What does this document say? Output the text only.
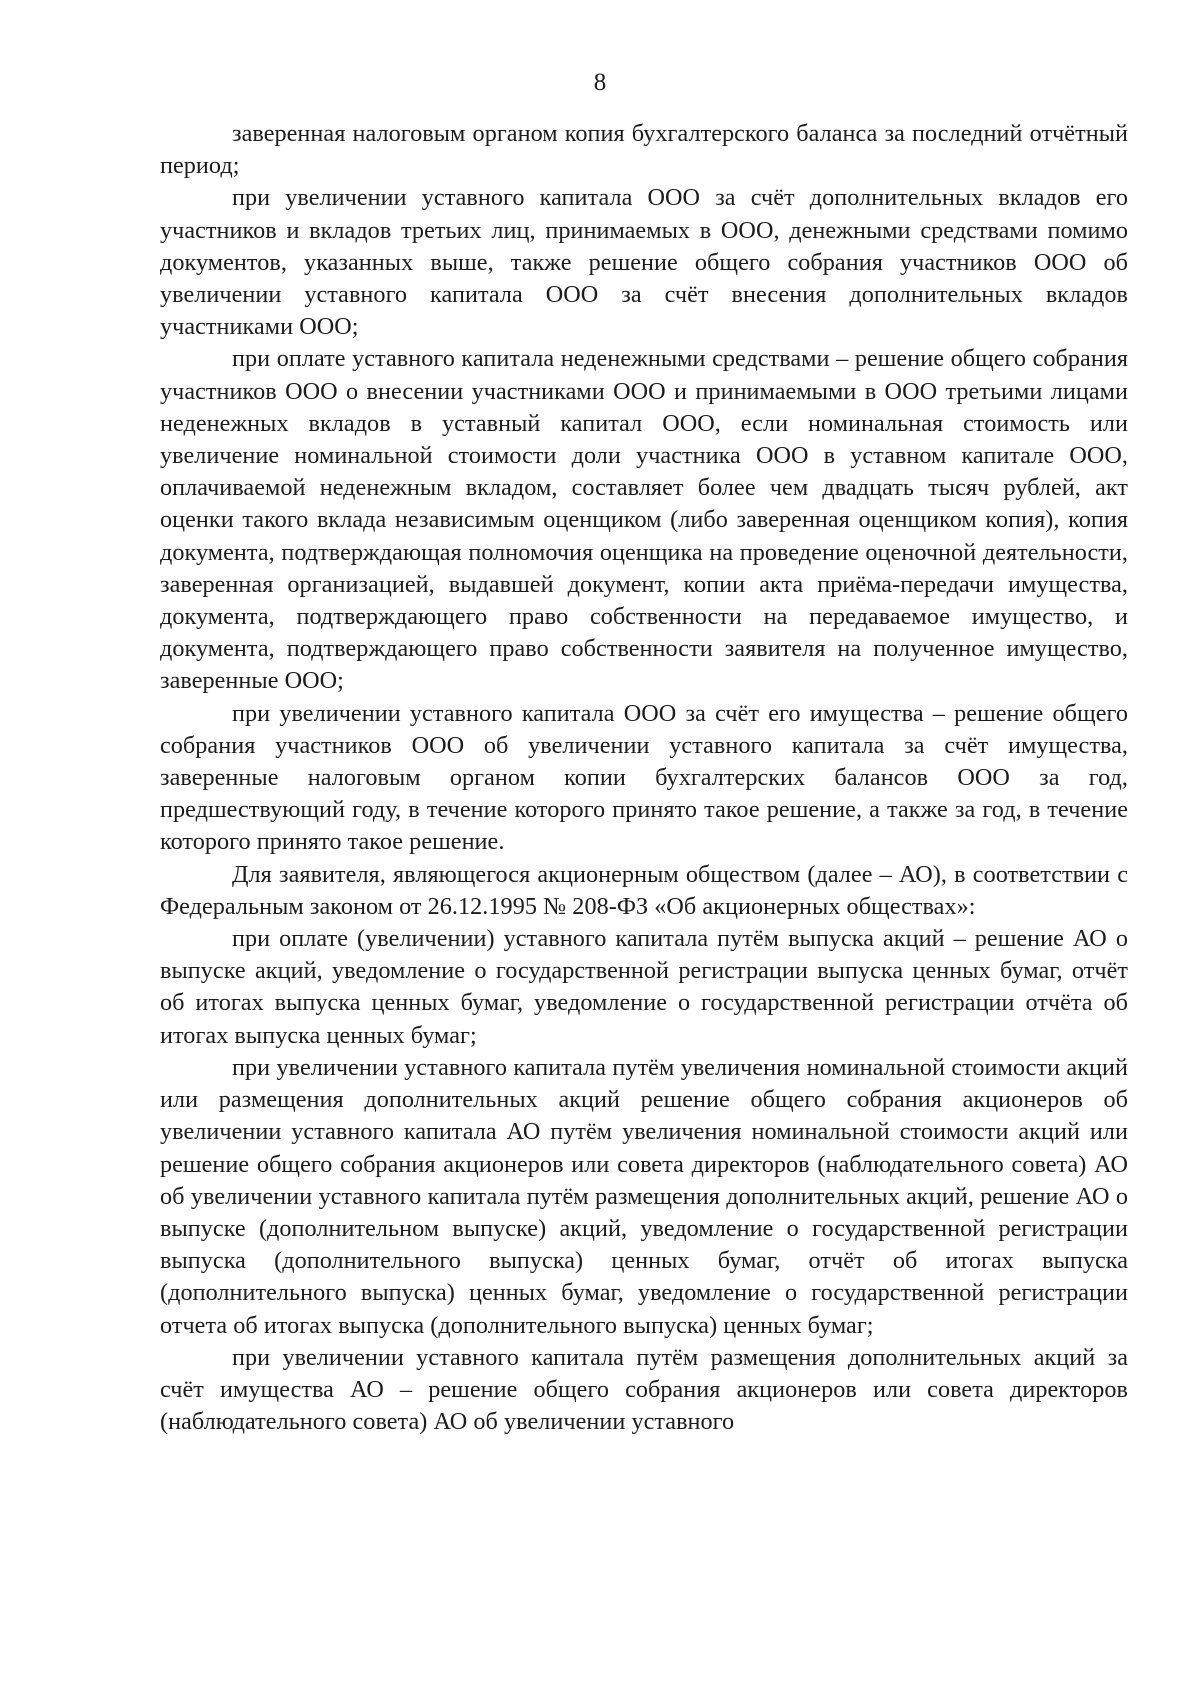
8

заверенная налоговым органом копия бухгалтерского баланса за последний отчётный период;

при увеличении уставного капитала ООО за счёт дополнительных вкладов его участников и вкладов третьих лиц, принимаемых в ООО, денежными средствами помимо документов, указанных выше, также решение общего собрания участников ООО об увеличении уставного капитала ООО за счёт внесения дополнительных вкладов участниками ООО;

при оплате уставного капитала неденежными средствами – решение общего собрания участников ООО о внесении участниками ООО и принимаемыми в ООО третьими лицами неденежных вкладов в уставный капитал ООО, если номинальная стоимость или увеличение номинальной стоимости доли участника ООО в уставном капитале ООО, оплачиваемой неденежным вкладом, составляет более чем двадцать тысяч рублей, акт оценки такого вклада независимым оценщиком (либо заверенная оценщиком копия), копия документа, подтверждающая полномочия оценщика на проведение оценочной деятельности, заверенная организацией, выдавшей документ, копии акта приёма-передачи имущества, документа, подтверждающего право собственности на передаваемое имущество, и документа, подтверждающего право собственности заявителя на полученное имущество, заверенные ООО;

при увеличении уставного капитала ООО за счёт его имущества – решение общего собрания участников ООО об увеличении уставного капитала за счёт имущества, заверенные налоговым органом копии бухгалтерских балансов ООО за год, предшествующий году, в течение которого принято такое решение, а также за год, в течение которого принято такое решение.

Для заявителя, являющегося акционерным обществом (далее – АО), в соответствии с Федеральным законом от 26.12.1995 № 208-ФЗ «Об акционерных обществах»:

при оплате (увеличении) уставного капитала путём выпуска акций – решение АО о выпуске акций, уведомление о государственной регистрации выпуска ценных бумаг, отчёт об итогах выпуска ценных бумаг, уведомление о государственной регистрации отчёта об итогах выпуска ценных бумаг;

при увеличении уставного капитала путём увеличения номинальной стоимости акций или размещения дополнительных акций решение общего собрания акционеров об увеличении уставного капитала АО путём увеличения номинальной стоимости акций или решение общего собрания акционеров или совета директоров (наблюдательного совета) АО об увеличении уставного капитала путём размещения дополнительных акций, решение АО о выпуске (дополнительном выпуске) акций, уведомление о государственной регистрации выпуска (дополнительного выпуска) ценных бумаг, отчёт об итогах выпуска (дополнительного выпуска) ценных бумаг, уведомление о государственной регистрации отчета об итогах выпуска (дополнительного выпуска) ценных бумаг;

при увеличении уставного капитала путём размещения дополнительных акций за счёт имущества АО – решение общего собрания акционеров или совета директоров (наблюдательного совета) АО об увеличении уставного
